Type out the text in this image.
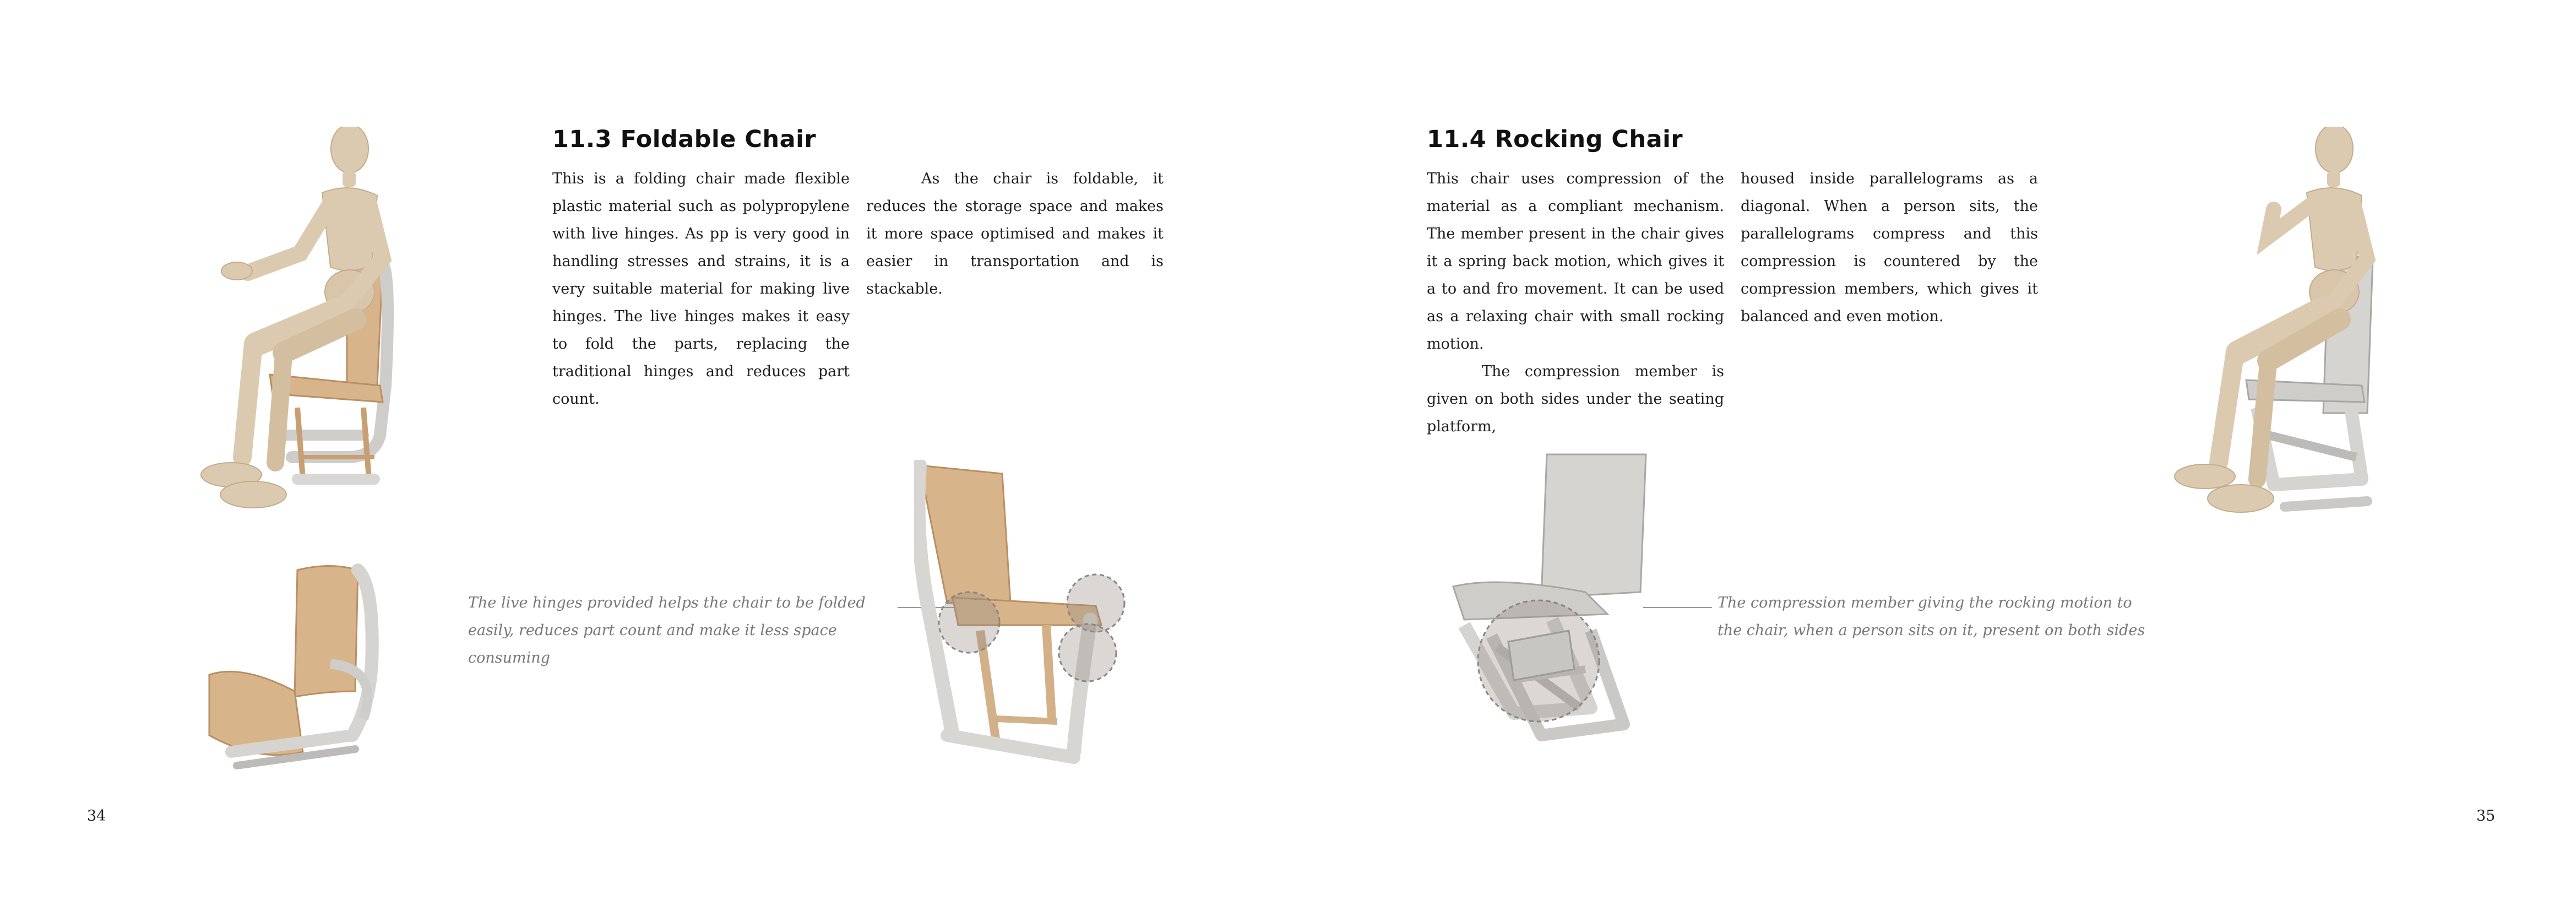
11.3 Foldable Chair

This is a folding chair made flexible plastic material such as polypropylene with live hinges. As pp is very good in handling stresses and strains, it is a very suitable material for making live hinges. The live hinges makes it easy to fold the parts, replacing the traditional hinges and reduces part count.

As the chair is foldable, it reduces the storage space and makes it more space optimised and makes it easier in transportation and is stackable.

The live hinges provided helps the chair to be folded easily, reduces part count and make it less space consuming
34
11.4 Rocking Chair

This chair uses compression of the material as a compliant mechanism. The member present in the chair gives it a spring back motion, which gives it a to and fro movement. It can be used as a relaxing chair with small rocking motion.

The compression member is given on both sides under the seating platform,

housed inside parallelograms as a diagonal. When a person sits, the parallelograms compress and this compression is countered by the compression members, which gives it balanced and even motion.

The compression member giving the rocking motion to the chair, when a person sits on it, present on both sides
35
